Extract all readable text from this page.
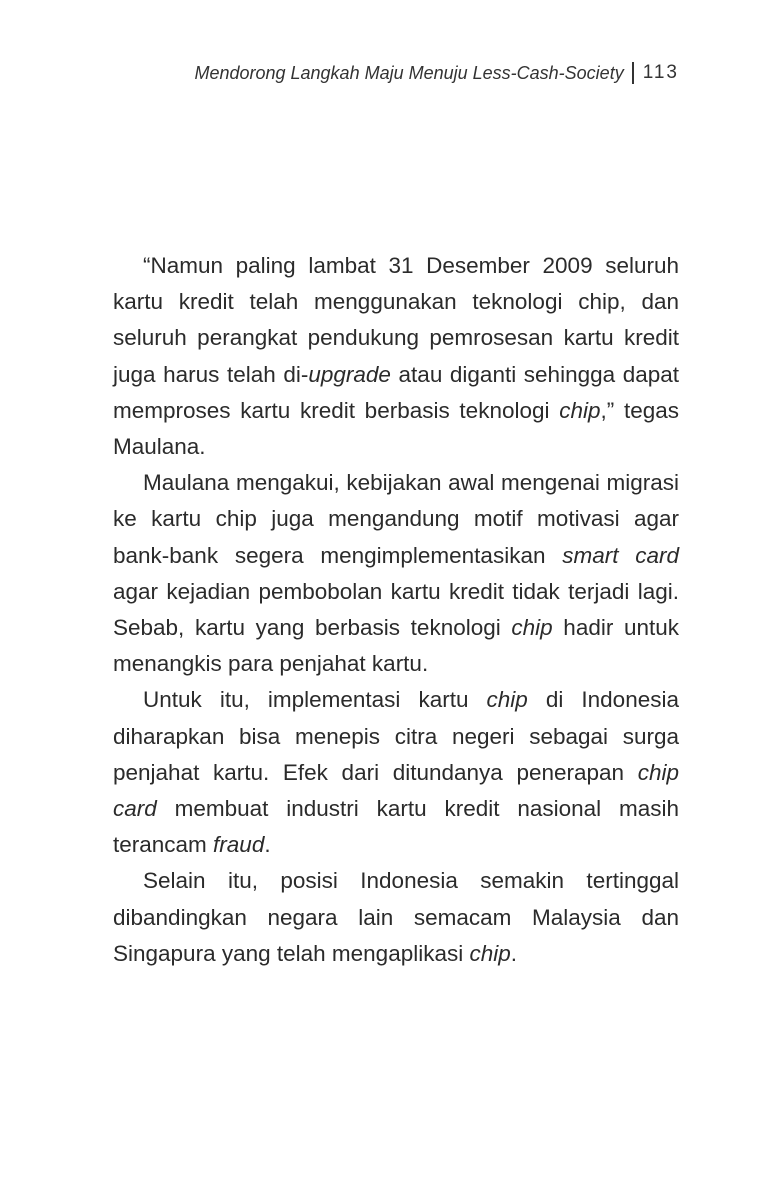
Mendorong Langkah Maju Menuju Less-Cash-Society 113

“Namun paling lambat 31 Desember 2009 seluruh kartu kredit telah menggunakan teknologi chip, dan seluruh perangkat pendukung pemrosesan kartu kredit juga harus telah di-upgrade atau diganti sehingga dapat memproses kartu kredit berbasis teknologi chip,” tegas Maulana.

Maulana mengakui, kebijakan awal mengenai migrasi ke kartu chip juga mengandung motif motivasi agar bank-bank segera mengimplementasikan smart card agar kejadian pembobolan kartu kredit tidak terjadi lagi. Sebab, kartu yang berbasis teknologi chip hadir untuk menangkis para penjahat kartu.

Untuk itu, implementasi kartu chip di Indonesia diharapkan bisa menepis citra negeri sebagai surga penjahat kartu. Efek dari ditundanya penerapan chip card membuat industri kartu kredit nasional masih terancam fraud.

Selain itu, posisi Indonesia semakin tertinggal dibandingkan negara lain semacam Malaysia dan Singapura yang telah mengaplikasi chip.
